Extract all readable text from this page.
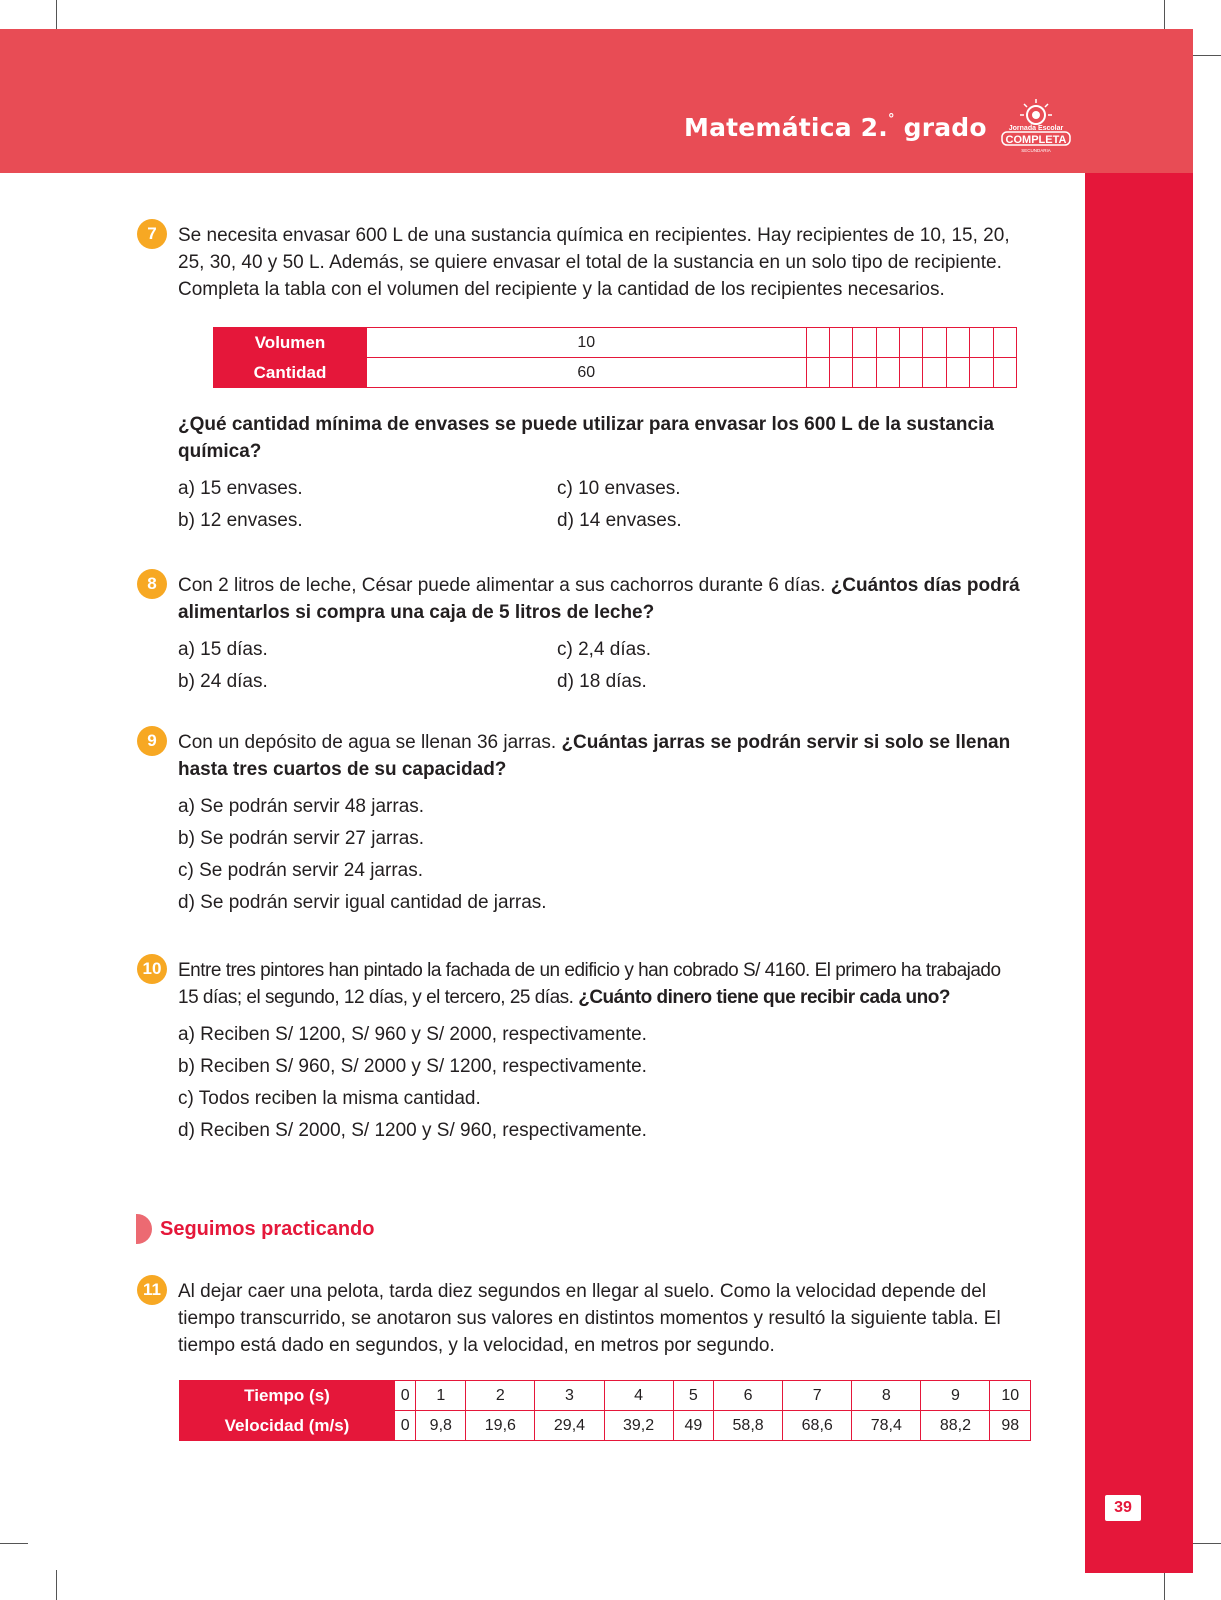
Matemática 2.° grado	Jornada Escolar
COMPLETA
SECUNDARIA
39
7	Se necesita envasar 600 L de una sustancia química en recipientes. Hay recipientes de 10, 15, 20,
25, 30, 40 y 50 L. Además, se quiere envasar el total de la sustancia en un solo tipo de recipiente.
Completa la tabla con el volumen del recipiente y la cantidad de los recipientes necesarios.
Volumen	10									
Cantidad	60									
¿Qué cantidad mínima de envases se puede utilizar para envasar los 600 L de la sustancia
química?
a) 15 envases.
b) 12 envases.
c) 10 envases.
d) 14 envases.
8	Con 2 litros de leche, César puede alimentar a sus cachorros durante 6 días. ¿Cuántos días podrá
alimentarlos si compra una caja de 5 litros de leche?
a) 15 días.
b) 24 días.
c) 2,4 días.
d) 18 días.
9	Con un depósito de agua se llenan 36 jarras. ¿Cuántas jarras se podrán servir si solo se llenan
hasta tres cuartos de su capacidad?
a) Se podrán servir 48 jarras.
b) Se podrán servir 27 jarras.
c) Se podrán servir 24 jarras.
d) Se podrán servir igual cantidad de jarras.
10 Entre tres pintores han pintado la fachada de un edificio y han cobrado S/ 4160. El primero ha trabajado
15 días; el segundo, 12 días, y el tercero, 25 días. ¿Cuánto dinero tiene que recibir cada uno?
a) Reciben S/ 1200, S/ 960 y S/ 2000, respectivamente.
b) Reciben S/ 960, S/ 2000 y S/ 1200, respectivamente.
c) Todos reciben la misma cantidad.
d) Reciben S/ 2000, S/ 1200 y S/ 960, respectivamente.
Seguimos practicando
11 Al dejar caer una pelota, tarda diez segundos en llegar al suelo. Como la velocidad depende del
tiempo transcurrido, se anotaron sus valores en distintos momentos y resultó la siguiente tabla. El
tiempo está dado en segundos, y la velocidad, en metros por segundo.
Tiempo (s)	0	1	2	3	4	5	6	7	8	9	10
Velocidad (m/s)	0	9,8	19,6	29,4	39,2	49	58,8	68,6	78,4	88,2	98
